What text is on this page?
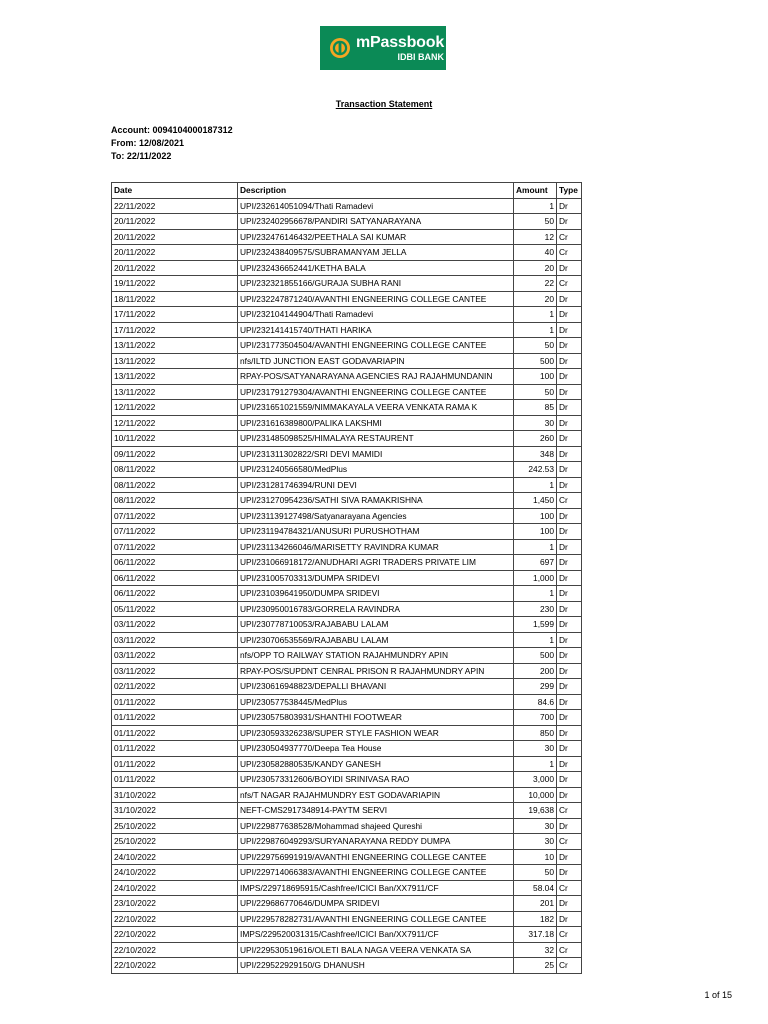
mPassbook
IDBI BANK
Transaction Statement
Account: 0094104000187312
From: 12/08/2021
To: 22/11/2022
Date	Description	Amount	Type
22/11/2022	UPI/232614051094/Thati Ramadevi	1	Dr
20/11/2022	UPI/232402956678/PANDIRI SATYANARAYANA	50	Dr
20/11/2022	UPI/232476146432/PEETHALA SAI KUMAR	12	Cr
20/11/2022	UPI/232438409575/SUBRAMANYAM JELLA	40	Cr
20/11/2022	UPI/232436652441/KETHA BALA	20	Dr
19/11/2022	UPI/232321855166/GURAJA SUBHA RANI	22	Cr
18/11/2022	UPI/232247871240/AVANTHI ENGNEERING COLLEGE CANTEE	20	Dr
17/11/2022	UPI/232104144904/Thati Ramadevi	1	Dr
17/11/2022	UPI/232141415740/THATI HARIKA	1	Dr
13/11/2022	UPI/231773504504/AVANTHI ENGNEERING COLLEGE CANTEE	50	Dr
13/11/2022	nfs/ILTD JUNCTION EAST GODAVARIAPIN	500	Dr
13/11/2022	RPAY-POS/SATYANARAYANA AGENCIES RAJ RAJAHMUNDANIN	100	Dr
13/11/2022	UPI/231791279304/AVANTHI ENGNEERING COLLEGE CANTEE	50	Dr
12/11/2022	UPI/231651021559/NIMMAKAYALA VEERA VENKATA RAMA K	85	Dr
12/11/2022	UPI/231616389800/PALIKA LAKSHMI	30	Dr
10/11/2022	UPI/231485098525/HIMALAYA RESTAURENT	260	Dr
09/11/2022	UPI/231311302822/SRI DEVI MAMIDI	348	Dr
08/11/2022	UPI/231240566580/MedPlus	242.53	Dr
08/11/2022	UPI/231281746394/RUNI DEVI	1	Dr
08/11/2022	UPI/231270954236/SATHI SIVA RAMAKRISHNA	1,450	Cr
07/11/2022	UPI/231139127498/Satyanarayana Agencies	100	Dr
07/11/2022	UPI/231194784321/ANUSURI PURUSHOTHAM	100	Dr
07/11/2022	UPI/231134266046/MARISETTY RAVINDRA KUMAR	1	Dr
06/11/2022	UPI/231066918172/ANUDHARI AGRI TRADERS PRIVATE LIM	697	Dr
06/11/2022	UPI/231005703313/DUMPA SRIDEVI	1,000	Dr
06/11/2022	UPI/231039641950/DUMPA SRIDEVI	1	Dr
05/11/2022	UPI/230950016783/GORRELA RAVINDRA	230	Dr
03/11/2022	UPI/230778710053/RAJABABU LALAM	1,599	Dr
03/11/2022	UPI/230706535569/RAJABABU LALAM	1	Dr
03/11/2022	nfs/OPP TO RAILWAY STATION RAJAHMUNDRY APIN	500	Dr
03/11/2022	RPAY-POS/SUPDNT CENRAL PRISON R RAJAHMUNDRY APIN	200	Dr
02/11/2022	UPI/230616948823/DEPALLI BHAVANI	299	Dr
01/11/2022	UPI/230577538445/MedPlus	84.6	Dr
01/11/2022	UPI/230575803931/SHANTHI FOOTWEAR	700	Dr
01/11/2022	UPI/230593326238/SUPER STYLE FASHION WEAR	850	Dr
01/11/2022	UPI/230504937770/Deepa Tea House	30	Dr
01/11/2022	UPI/230582880535/KANDY GANESH	1	Dr
01/11/2022	UPI/230573312606/BOYIDI SRINIVASA RAO	3,000	Dr
31/10/2022	nfs/T NAGAR RAJAHMUNDRY EST GODAVARIAPIN	10,000	Dr
31/10/2022	NEFT-CMS2917348914-PAYTM SERVI	19,638	Cr
25/10/2022	UPI/229877638528/Mohammad shajeed Qureshi	30	Dr
25/10/2022	UPI/229876049293/SURYANARAYANA REDDY DUMPA	30	Cr
24/10/2022	UPI/229756991919/AVANTHI ENGNEERING COLLEGE CANTEE	10	Dr
24/10/2022	UPI/229714066383/AVANTHI ENGNEERING COLLEGE CANTEE	50	Dr
24/10/2022	IMPS/229718695915/Cashfree/ICICI Ban/XX7911/CF	58.04	Cr
23/10/2022	UPI/229686770646/DUMPA SRIDEVI	201	Dr
22/10/2022	UPI/229578282731/AVANTHI ENGNEERING COLLEGE CANTEE	182	Dr
22/10/2022	IMPS/229520031315/Cashfree/ICICI Ban/XX7911/CF	317.18	Cr
22/10/2022	UPI/229530519616/OLETI BALA NAGA VEERA VENKATA SA	32	Cr
22/10/2022	UPI/229522929150/G DHANUSH	25	Cr
1 of 15
